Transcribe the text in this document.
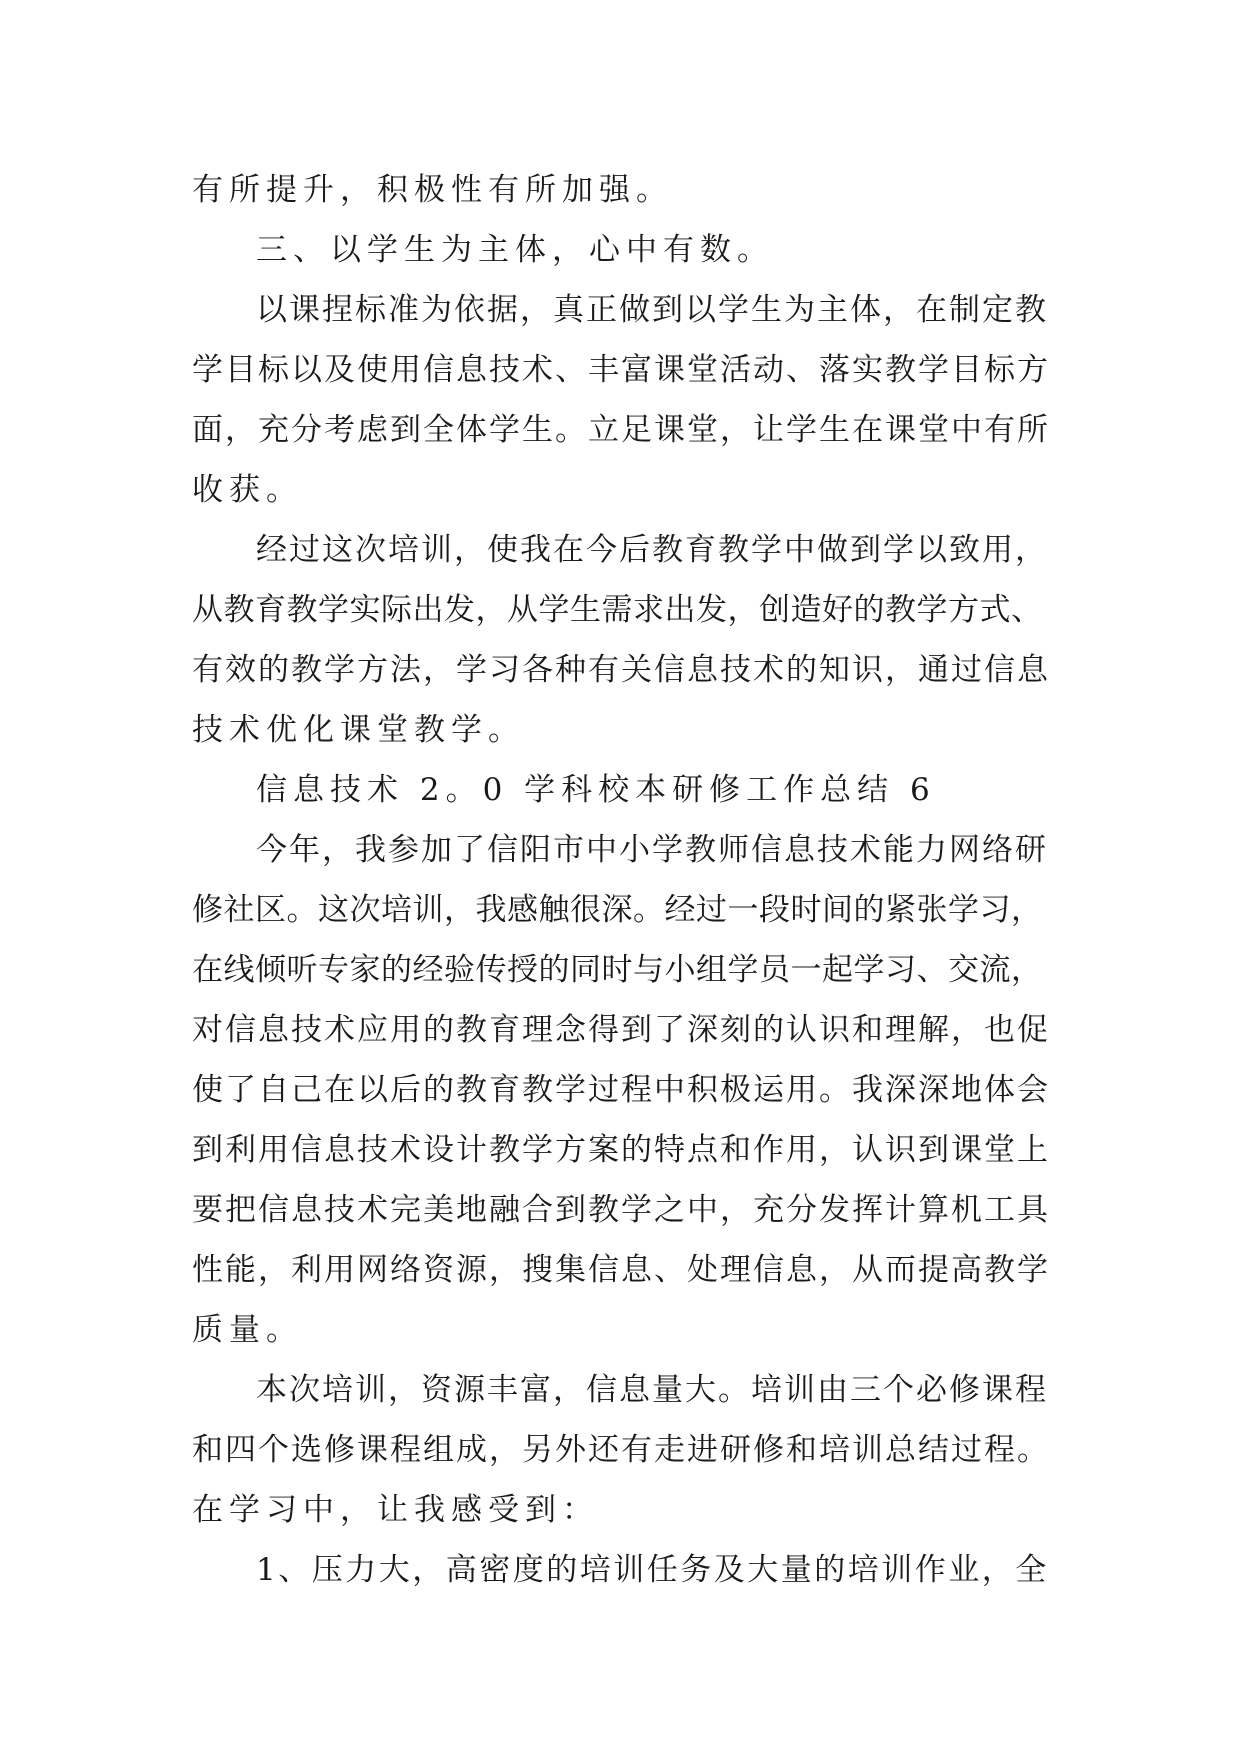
有所提升，积极性有所加强。
三、以学生为主体，心中有数。
以课捏标准为依据，真正做到以学生为主体，在制定教
学目标以及使用信息技术、丰富课堂活动、落实教学目标方
面，充分考虑到全体学生。立足课堂，让学生在课堂中有所
收获。
经过这次培训，使我在今后教育教学中做到学以致用，
从教育教学实际出发，从学生需求出发，创造好的教学方式、
有效的教学方法，学习各种有关信息技术的知识，通过信息
技术优化课堂教学。
信息技术 2。0 学科校本研修工作总结 6
今年，我参加了信阳市中小学教师信息技术能力网络研
修社区。这次培训，我感触很深。经过一段时间的紧张学习，
在线倾听专家的经验传授的同时与小组学员一起学习、交流，
对信息技术应用的教育理念得到了深刻的认识和理解，也促
使了自己在以后的教育教学过程中积极运用。我深深地体会
到利用信息技术设计教学方案的特点和作用，认识到课堂上
要把信息技术完美地融合到教学之中，充分发挥计算机工具
性能，利用网络资源，搜集信息、处理信息，从而提高教学
质量。
本次培训，资源丰富，信息量大。培训由三个必修课程
和四个选修课程组成，另外还有走进研修和培训总结过程。
在学习中，让我感受到：
1、压力大，高密度的培训任务及大量的培训作业，全
